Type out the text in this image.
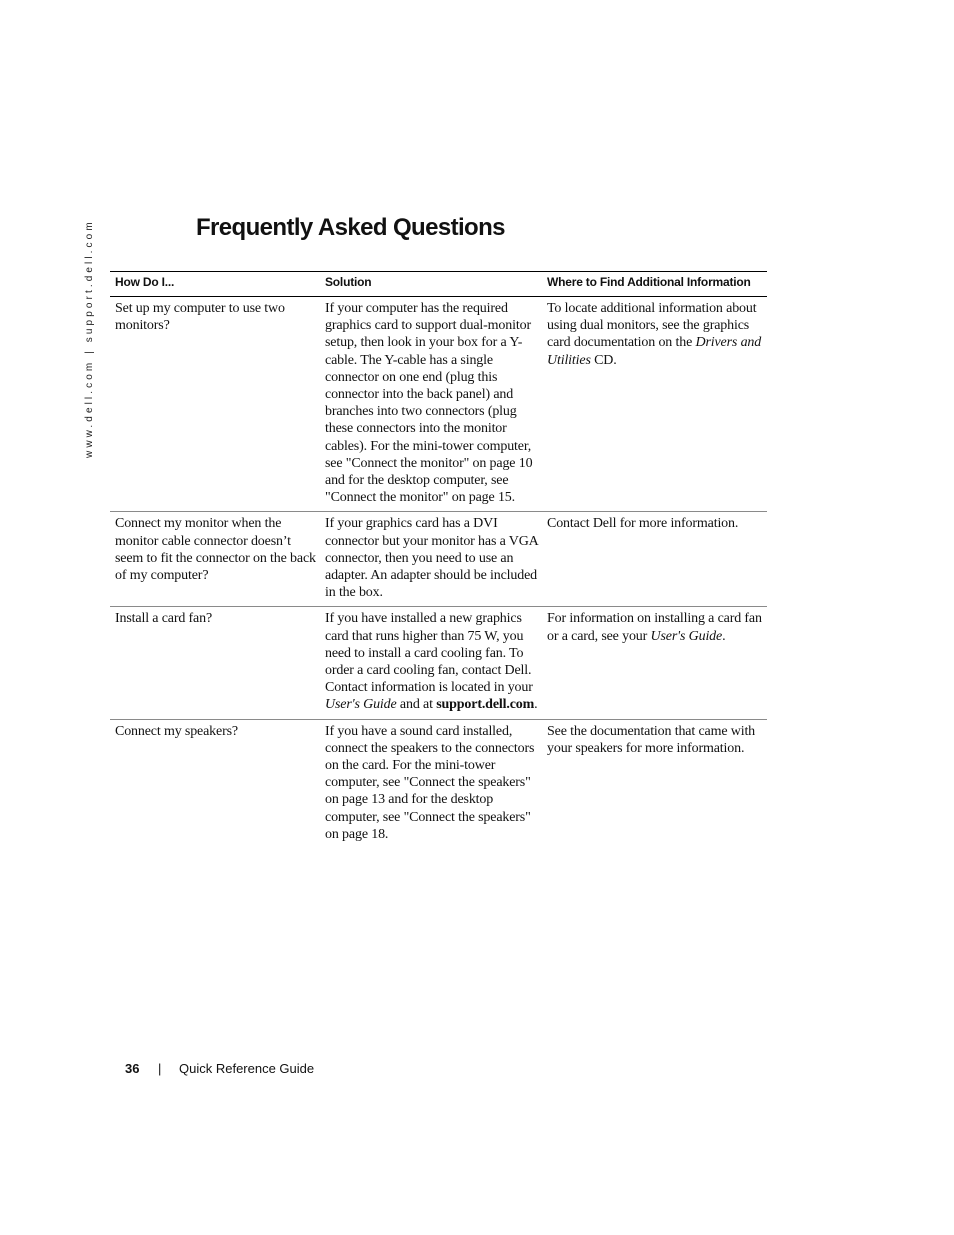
www.dell.com | support.dell.com	Frequently Asked Questions
How Do I...	Solution	Where to Find Additional Information
Set up my computer to use two monitors?	If your computer has the required graphics card to support dual-monitor setup, then look in your box for a Y-cable. The Y-cable has a single connector on one end (plug this connector into the back panel) and branches into two connectors (plug these connectors into the monitor cables). For the mini-tower computer, see "Connect the monitor" on page 10 and for the desktop computer, see "Connect the monitor" on page 15.	To locate additional information about using dual monitors, see the graphics card documentation on the Drivers and Utilities CD.
Connect my monitor when the monitor cable connector doesn’t seem to fit the connector on the back of my computer?	If your graphics card has a DVI connector but your monitor has a VGA connector, then you need to use an adapter. An adapter should be included in the box.	Contact Dell for more information.
Install a card fan?	If you have installed a new graphics card that runs higher than 75 W, you need to install a card cooling fan. To order a card cooling fan, contact Dell. Contact information is located in your User's Guide and at support.dell.com.	For information on installing a card fan or a card, see your User's Guide.
Connect my speakers?	If you have a sound card installed, connect the speakers to the connectors on the card. For the mini-tower computer, see "Connect the speakers" on page 13 and for the desktop computer, see "Connect the speakers" on page 18.	See the documentation that came with your speakers for more information.
36 | Quick Reference Guide
